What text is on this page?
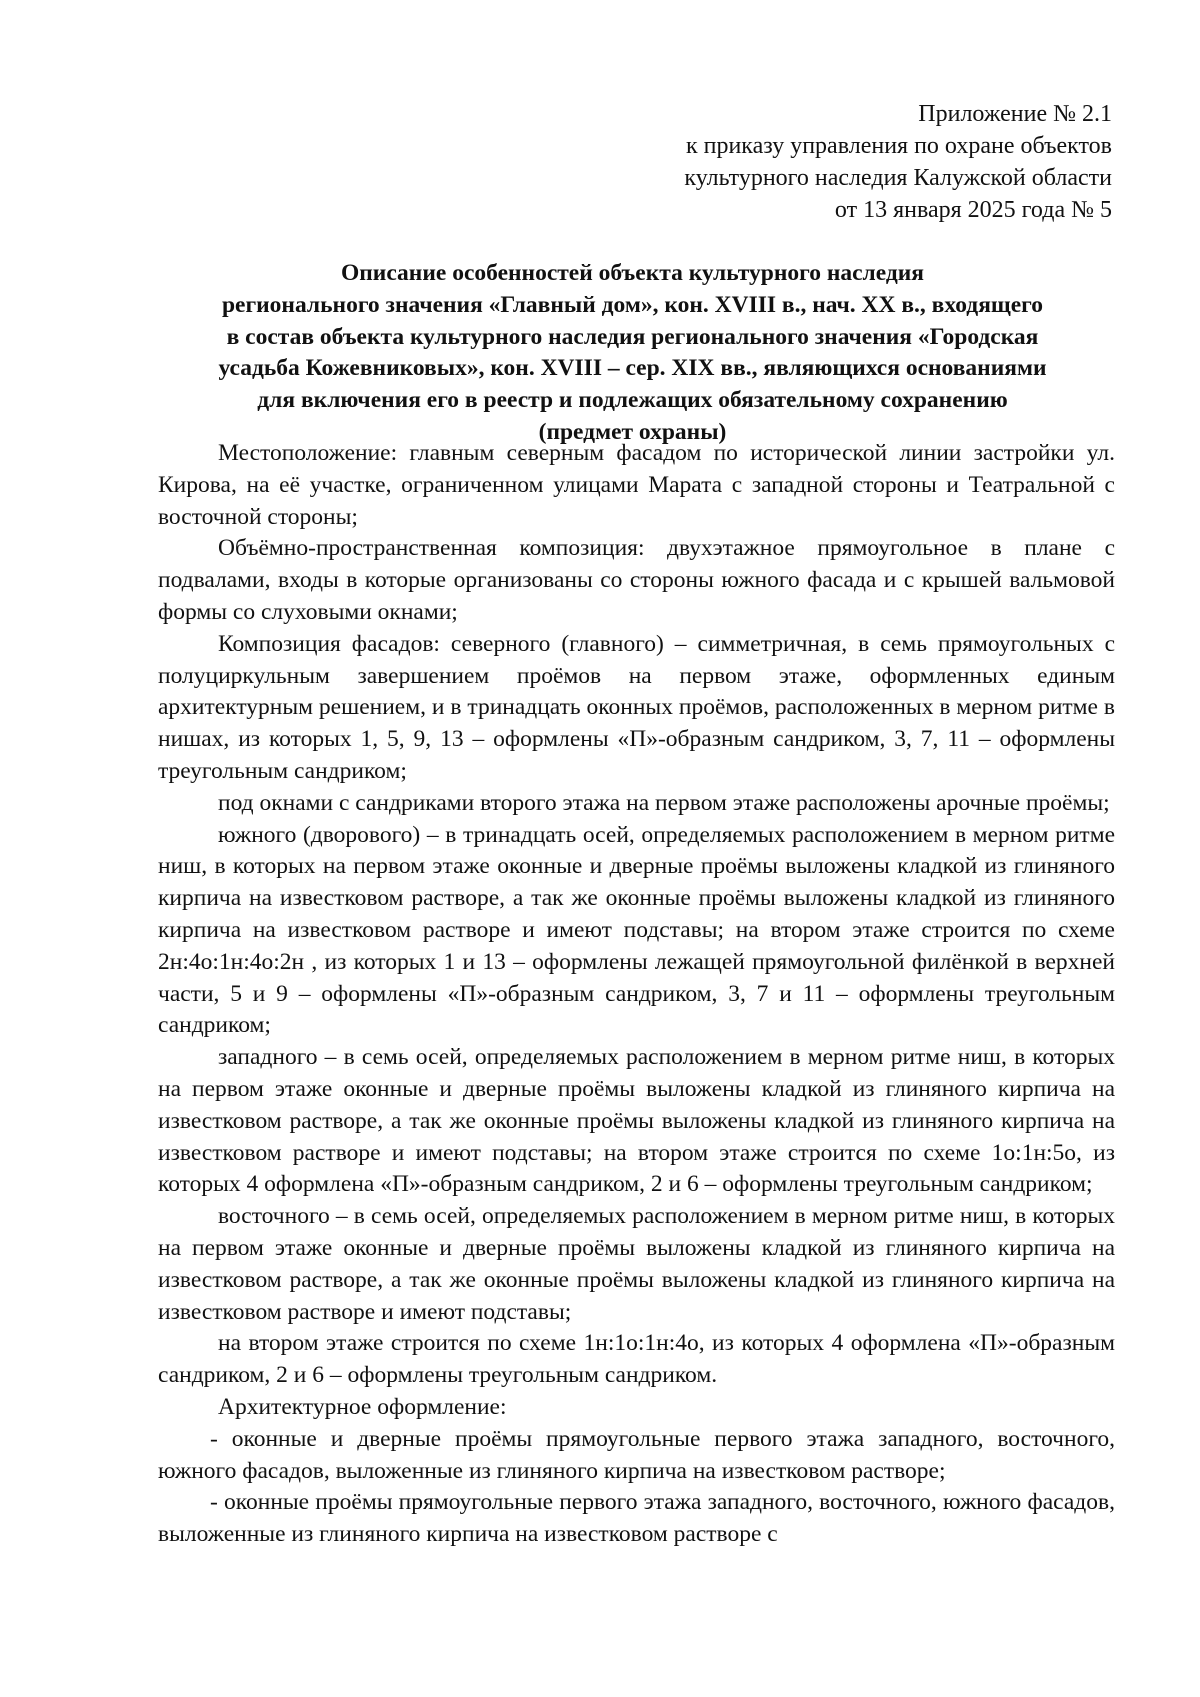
Приложение № 2.1
к приказу управления по охране объектов
культурного наследия Калужской области
от 13 января 2025 года № 5
Описание особенностей объекта культурного наследия
регионального значения «Главный дом», кон. XVIII в., нач. XX в., входящего
в состав объекта культурного наследия регионального значения «Городская
усадьба Кожевниковых», кон. XVIII – сер. XIX вв., являющихся основаниями
для включения его в реестр и подлежащих обязательному сохранению
(предмет охраны)

Местоположение: главным северным фасадом по исторической линии застройки ул. Кирова, на её участке, ограниченном улицами Марата с западной стороны и Театральной с восточной стороны;

Объёмно-пространственная композиция: двухэтажное прямоугольное в плане с подвалами, входы в которые организованы со стороны южного фасада и с крышей вальмовой формы со слуховыми окнами;

Композиция фасадов: северного (главного) – симметричная, в семь прямоугольных с полуциркульным завершением проёмов на первом этаже, оформленных единым архитектурным решением, и в тринадцать оконных проёмов, расположенных в мерном ритме в нишах, из которых 1, 5, 9, 13 – оформлены «П»-образным сандриком, 3, 7, 11 – оформлены треугольным сандриком;

под окнами с сандриками второго этажа на первом этаже расположены арочные проёмы;

южного (дворового) – в тринадцать осей, определяемых расположением в мерном ритме ниш, в которых на первом этаже оконные и дверные проёмы выложены кладкой из глиняного кирпича на известковом растворе, а так же оконные проёмы выложены кладкой из глиняного кирпича на известковом растворе и имеют подставы; на втором этаже строится по схеме 2н:4о:1н:4о:2н , из которых 1 и 13 – оформлены лежащей прямоугольной филёнкой в верхней части, 5 и 9 – оформлены «П»-образным сандриком, 3, 7 и 11 – оформлены треугольным сандриком;

западного – в семь осей, определяемых расположением в мерном ритме ниш, в которых на первом этаже оконные и дверные проёмы выложены кладкой из глиняного кирпича на известковом растворе, а так же оконные проёмы выложены кладкой из глиняного кирпича на известковом растворе и имеют подставы; на втором этаже строится по схеме 1о:1н:5о, из которых 4 оформлена «П»-образным сандриком, 2 и 6 – оформлены треугольным сандриком;

восточного – в семь осей, определяемых расположением в мерном ритме ниш, в которых на первом этаже оконные и дверные проёмы выложены кладкой из глиняного кирпича на известковом растворе, а так же оконные проёмы выложены кладкой из глиняного кирпича на известковом растворе и имеют подставы;

на втором этаже строится по схеме 1н:1о:1н:4о, из которых 4 оформлена «П»-образным сандриком, 2 и 6 – оформлены треугольным сандриком.

Архитектурное оформление:

- оконные и дверные проёмы прямоугольные первого этажа западного, восточного, южного фасадов, выложенные из глиняного кирпича на известковом растворе;

- оконные проёмы прямоугольные первого этажа западного, восточного, южного фасадов, выложенные из глиняного кирпича на известковом растворе с
